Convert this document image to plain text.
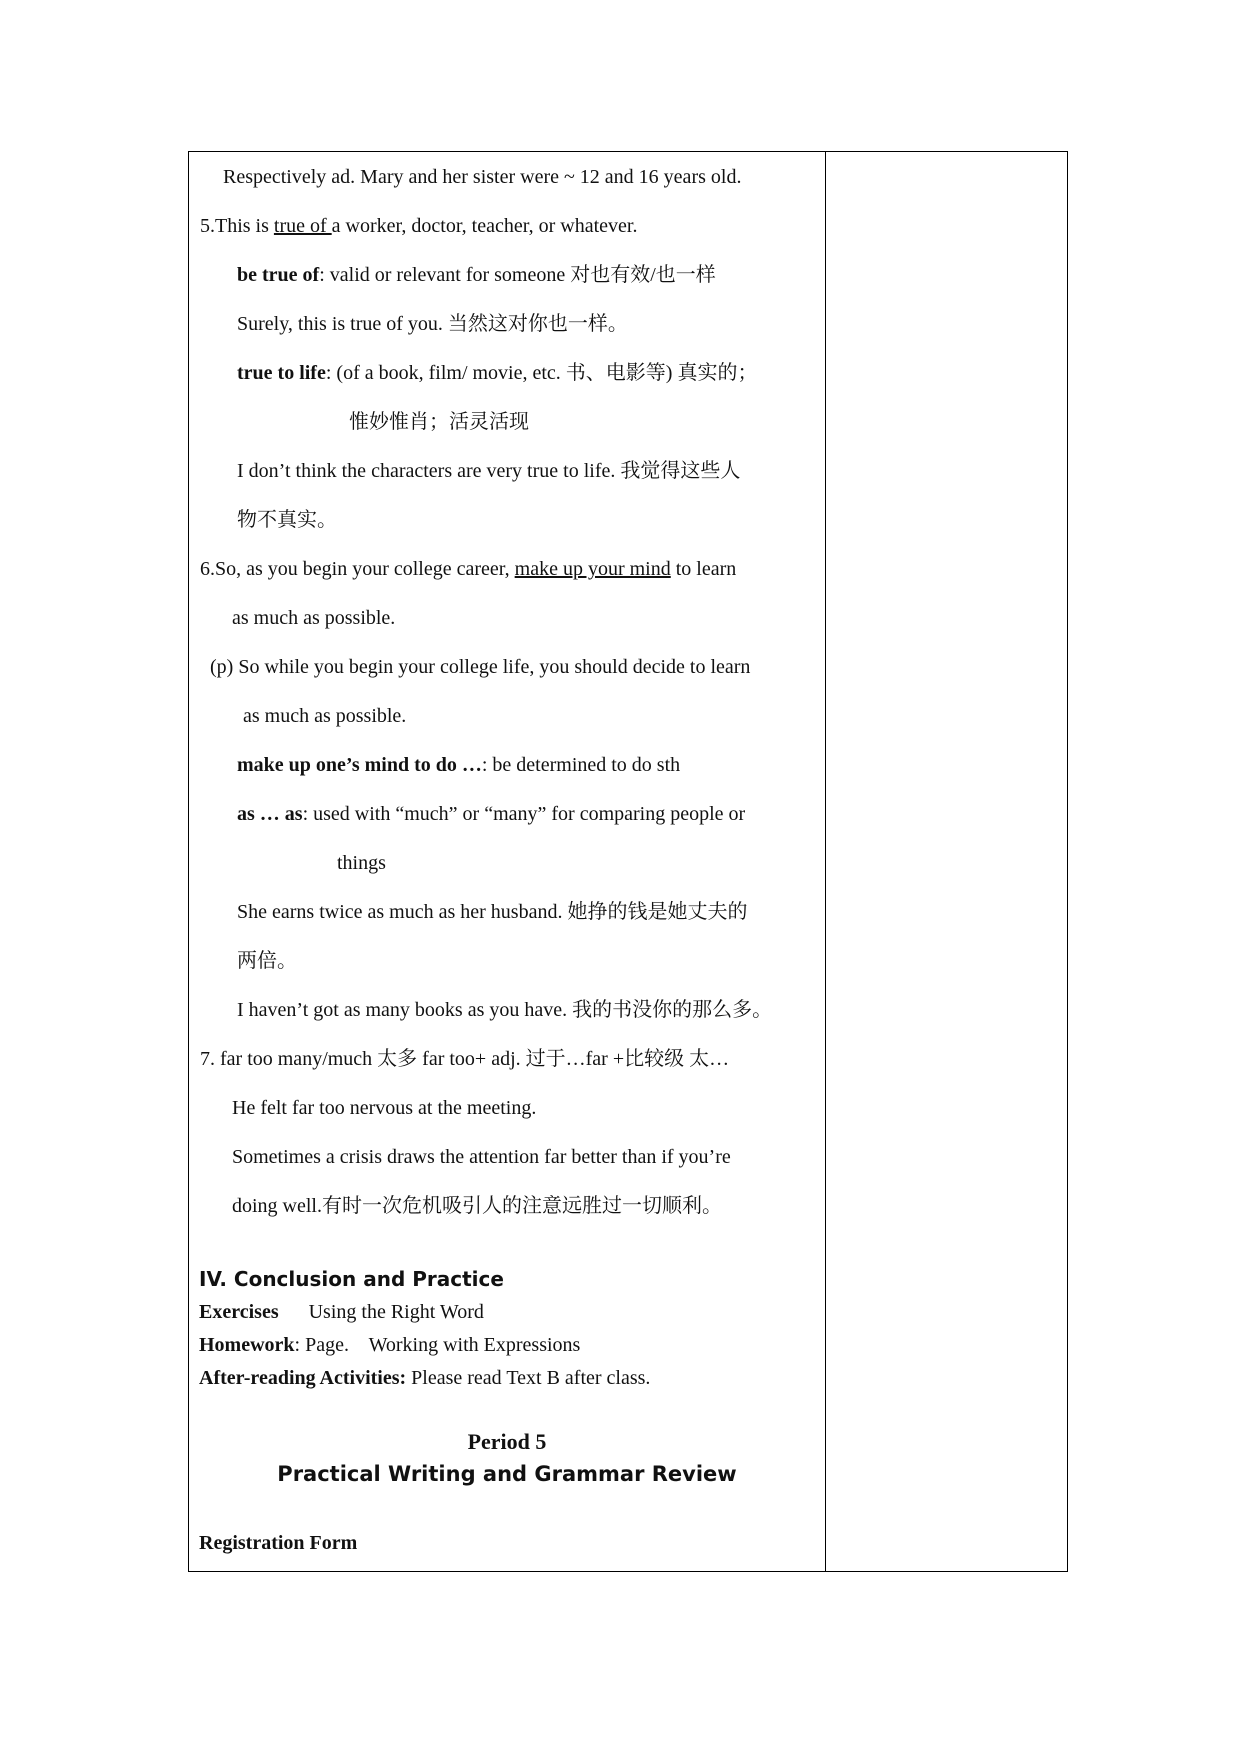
Respectively ad. Mary and her sister were ~ 12 and 16 years old.
5.This is true of a worker, doctor, teacher, or whatever.
be true of: valid or relevant for someone 对也有效/也一样
Surely, this is true of you. 当然这对你也一样。
true to life: (of a book, film/ movie, etc. 书、电影等) 真实的；
惟妙惟肖；活灵活现
I don’t think the characters are very true to life. 我觉得这些人
物不真实。
6.So, as you begin your college career, make up your mind to learn
as much as possible.
(p) So while you begin your college life, you should decide to learn
as much as possible.
make up one’s mind to do …: be determined to do sth
as … as: used with “much” or “many” for comparing people or
things
She earns twice as much as her husband. 她挣的钱是她丈夫的
两倍。
I haven’t got as many books as you have. 我的书没你的那么多。
7. far too many/much 太多 far too+ adj. 过于…far +比较级 太…
He felt far too nervous at the meeting.
Sometimes a crisis draws the attention far better than if you’re
doing well.有时一次危机吸引人的注意远胜过一切顺利。
IV. Conclusion and Practice
Exercises      Using the Right Word
Homework: Page.    Working with Expressions
After-reading Activities: Please read Text B after class.
Period 5
Practical Writing and Grammar Review
Registration Form
